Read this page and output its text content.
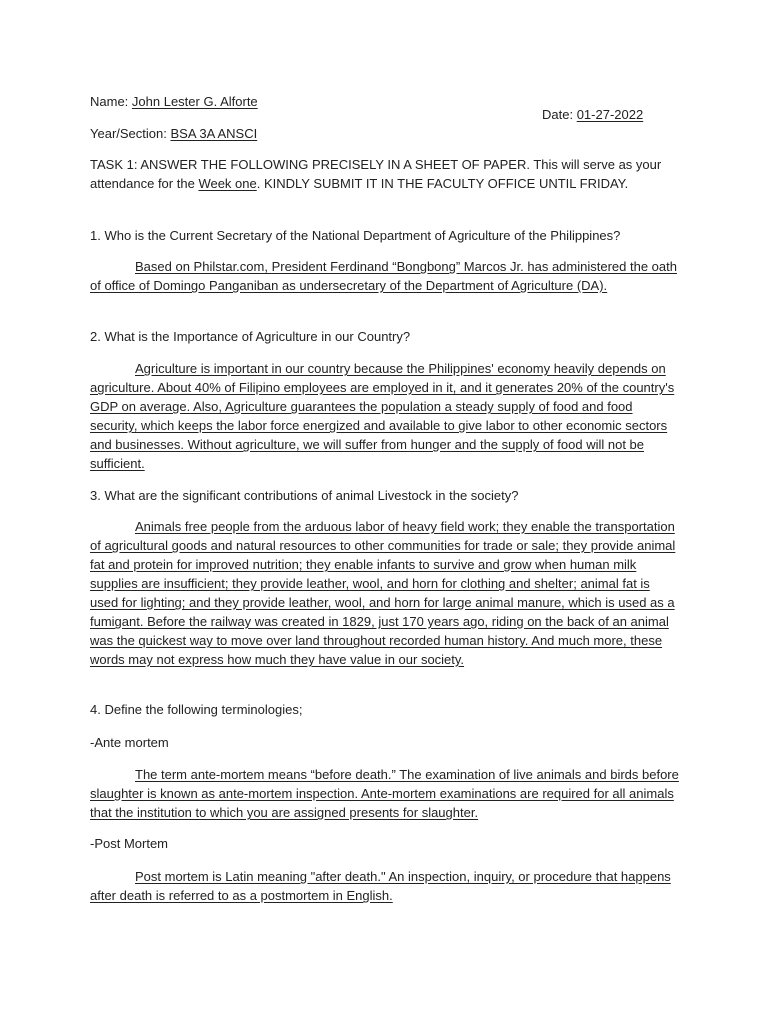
Name: John Lester G. Alforte

Date: 01-27-2022

Year/Section: BSA 3A ANSCI

TASK 1: ANSWER THE FOLLOWING PRECISELY IN A SHEET OF PAPER. This will serve as your attendance for the Week one. KINDLY SUBMIT IT IN THE FACULTY OFFICE UNTIL FRIDAY.

1. Who is the Current Secretary of the National Department of Agriculture of the Philippines?

Based on Philstar.com, President Ferdinand “Bongbong” Marcos Jr. has administered the oath of office of Domingo Panganiban as undersecretary of the Department of Agriculture (DA).

2. What is the Importance of Agriculture in our Country?

Agriculture is important in our country because the Philippines' economy heavily depends on agriculture. About 40% of Filipino employees are employed in it, and it generates 20% of the country's GDP on average. Also, Agriculture guarantees the population a steady supply of food and food security, which keeps the labor force energized and available to give labor to other economic sectors and businesses. Without agriculture, we will suffer from hunger and the supply of food will not be sufficient.

3. What are the significant contributions of animal Livestock in the society?

Animals free people from the arduous labor of heavy field work; they enable the transportation of agricultural goods and natural resources to other communities for trade or sale; they provide animal fat and protein for improved nutrition; they enable infants to survive and grow when human milk supplies are insufficient; they provide leather, wool, and horn for clothing and shelter; animal fat is used for lighting; and they provide leather, wool, and horn for large animal manure, which is used as a fumigant. Before the railway was created in 1829, just 170 years ago, riding on the back of an animal was the quickest way to move over land throughout recorded human history. And much more, these words may not express how much they have value in our society.

4. Define the following terminologies;

-Ante mortem

The term ante-mortem means “before death.” The examination of live animals and birds before slaughter is known as ante-mortem inspection. Ante-mortem examinations are required for all animals that the institution to which you are assigned presents for slaughter.

-Post Mortem

Post mortem is Latin meaning "after death." An inspection, inquiry, or procedure that happens after death is referred to as a postmortem in English.
